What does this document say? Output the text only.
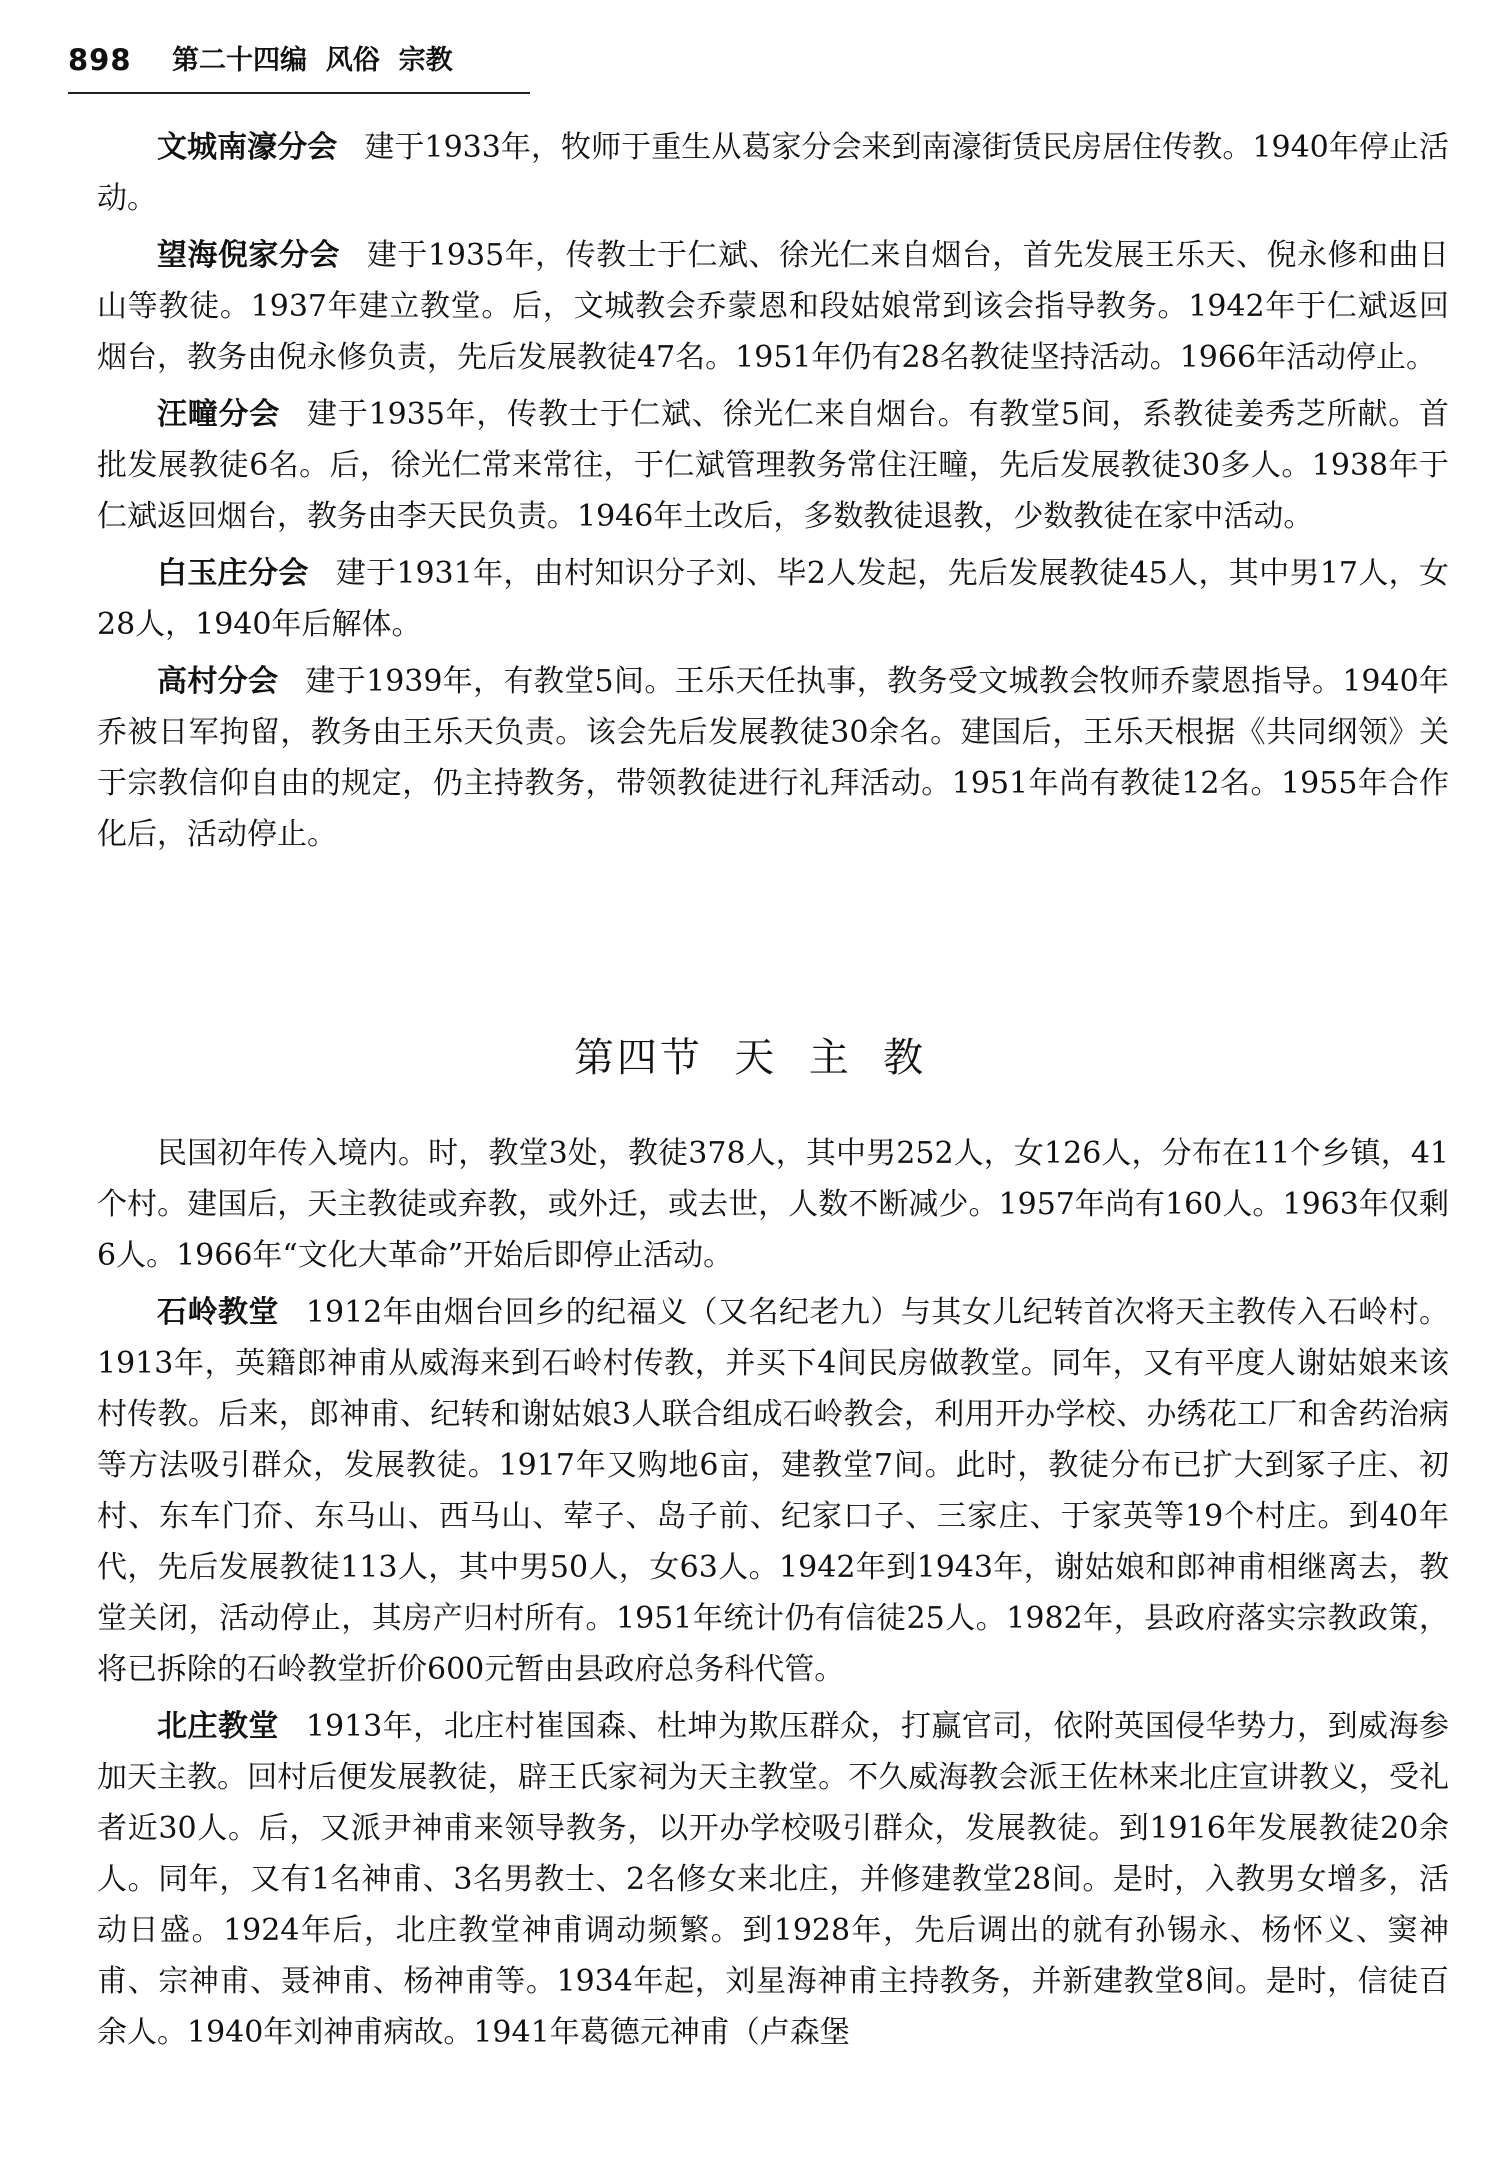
898 第二十四编  风俗  宗教

文城南濠分会 建于1933年，牧师于重生从葛家分会来到南濠街赁民房居住传教。1940年停止活动。

望海倪家分会 建于1935年，传教士于仁斌、徐光仁来自烟台，首先发展王乐天、倪永修和曲日山等教徒。1937年建立教堂。后，文城教会乔蒙恩和段姑娘常到该会指导教务。1942年于仁斌返回烟台，教务由倪永修负责，先后发展教徒47名。1951年仍有28名教徒坚持活动。1966年活动停止。

汪疃分会 建于1935年，传教士于仁斌、徐光仁来自烟台。有教堂5间，系教徒姜秀芝所献。首批发展教徒6名。后，徐光仁常来常往，于仁斌管理教务常住汪疃，先后发展教徒30多人。1938年于仁斌返回烟台，教务由李天民负责。1946年土改后，多数教徒退教，少数教徒在家中活动。

白玉庄分会 建于1931年，由村知识分子刘、毕2人发起，先后发展教徒45人，其中男17人，女28人，1940年后解体。

高村分会 建于1939年，有教堂5间。王乐天任执事，教务受文城教会牧师乔蒙恩指导。1940年乔被日军拘留，教务由王乐天负责。该会先后发展教徒30余名。建国后，王乐天根据《共同纲领》关于宗教信仰自由的规定，仍主持教务，带领教徒进行礼拜活动。1951年尚有教徒12名。1955年合作化后，活动停止。

第四节  天  主  教

民国初年传入境内。时，教堂3处，教徒378人，其中男252人，女126人，分布在11个乡镇，41个村。建国后，天主教徒或弃教，或外迁，或去世，人数不断减少。1957年尚有160人。1963年仅剩6人。1966年“文化大革命”开始后即停止活动。

石岭教堂 1912年由烟台回乡的纪福义（又名纪老九）与其女儿纪转首次将天主教传入石岭村。1913年，英籍郎神甫从威海来到石岭村传教，并买下4间民房做教堂。同年，又有平度人谢姑娘来该村传教。后来，郎神甫、纪转和谢姑娘3人联合组成石岭教会，利用开办学校、办绣花工厂和舍药治病等方法吸引群众，发展教徒。1917年又购地6亩，建教堂7间。此时，教徒分布已扩大到冢子庄、初村、东车门夼、东马山、西马山、荤子、岛子前、纪家口子、三家庄、于家英等19个村庄。到40年代，先后发展教徒113人，其中男50人，女63人。1942年到1943年，谢姑娘和郎神甫相继离去，教堂关闭，活动停止，其房产归村所有。1951年统计仍有信徒25人。1982年，县政府落实宗教政策，将已拆除的石岭教堂折价600元暂由县政府总务科代管。

北庄教堂 1913年，北庄村崔国森、杜坤为欺压群众，打赢官司，依附英国侵华势力，到威海参加天主教。回村后便发展教徒，辟王氏家祠为天主教堂。不久威海教会派王佐林来北庄宣讲教义，受礼者近30人。后，又派尹神甫来领导教务，以开办学校吸引群众，发展教徒。到1916年发展教徒20余人。同年，又有1名神甫、3名男教士、2名修女来北庄，并修建教堂28间。是时，入教男女增多，活动日盛。1924年后，北庄教堂神甫调动频繁。到1928年，先后调出的就有孙锡永、杨怀义、窦神甫、宗神甫、聂神甫、杨神甫等。1934年起，刘星海神甫主持教务，并新建教堂8间。是时，信徒百余人。1940年刘神甫病故。1941年葛德元神甫（卢森堡
